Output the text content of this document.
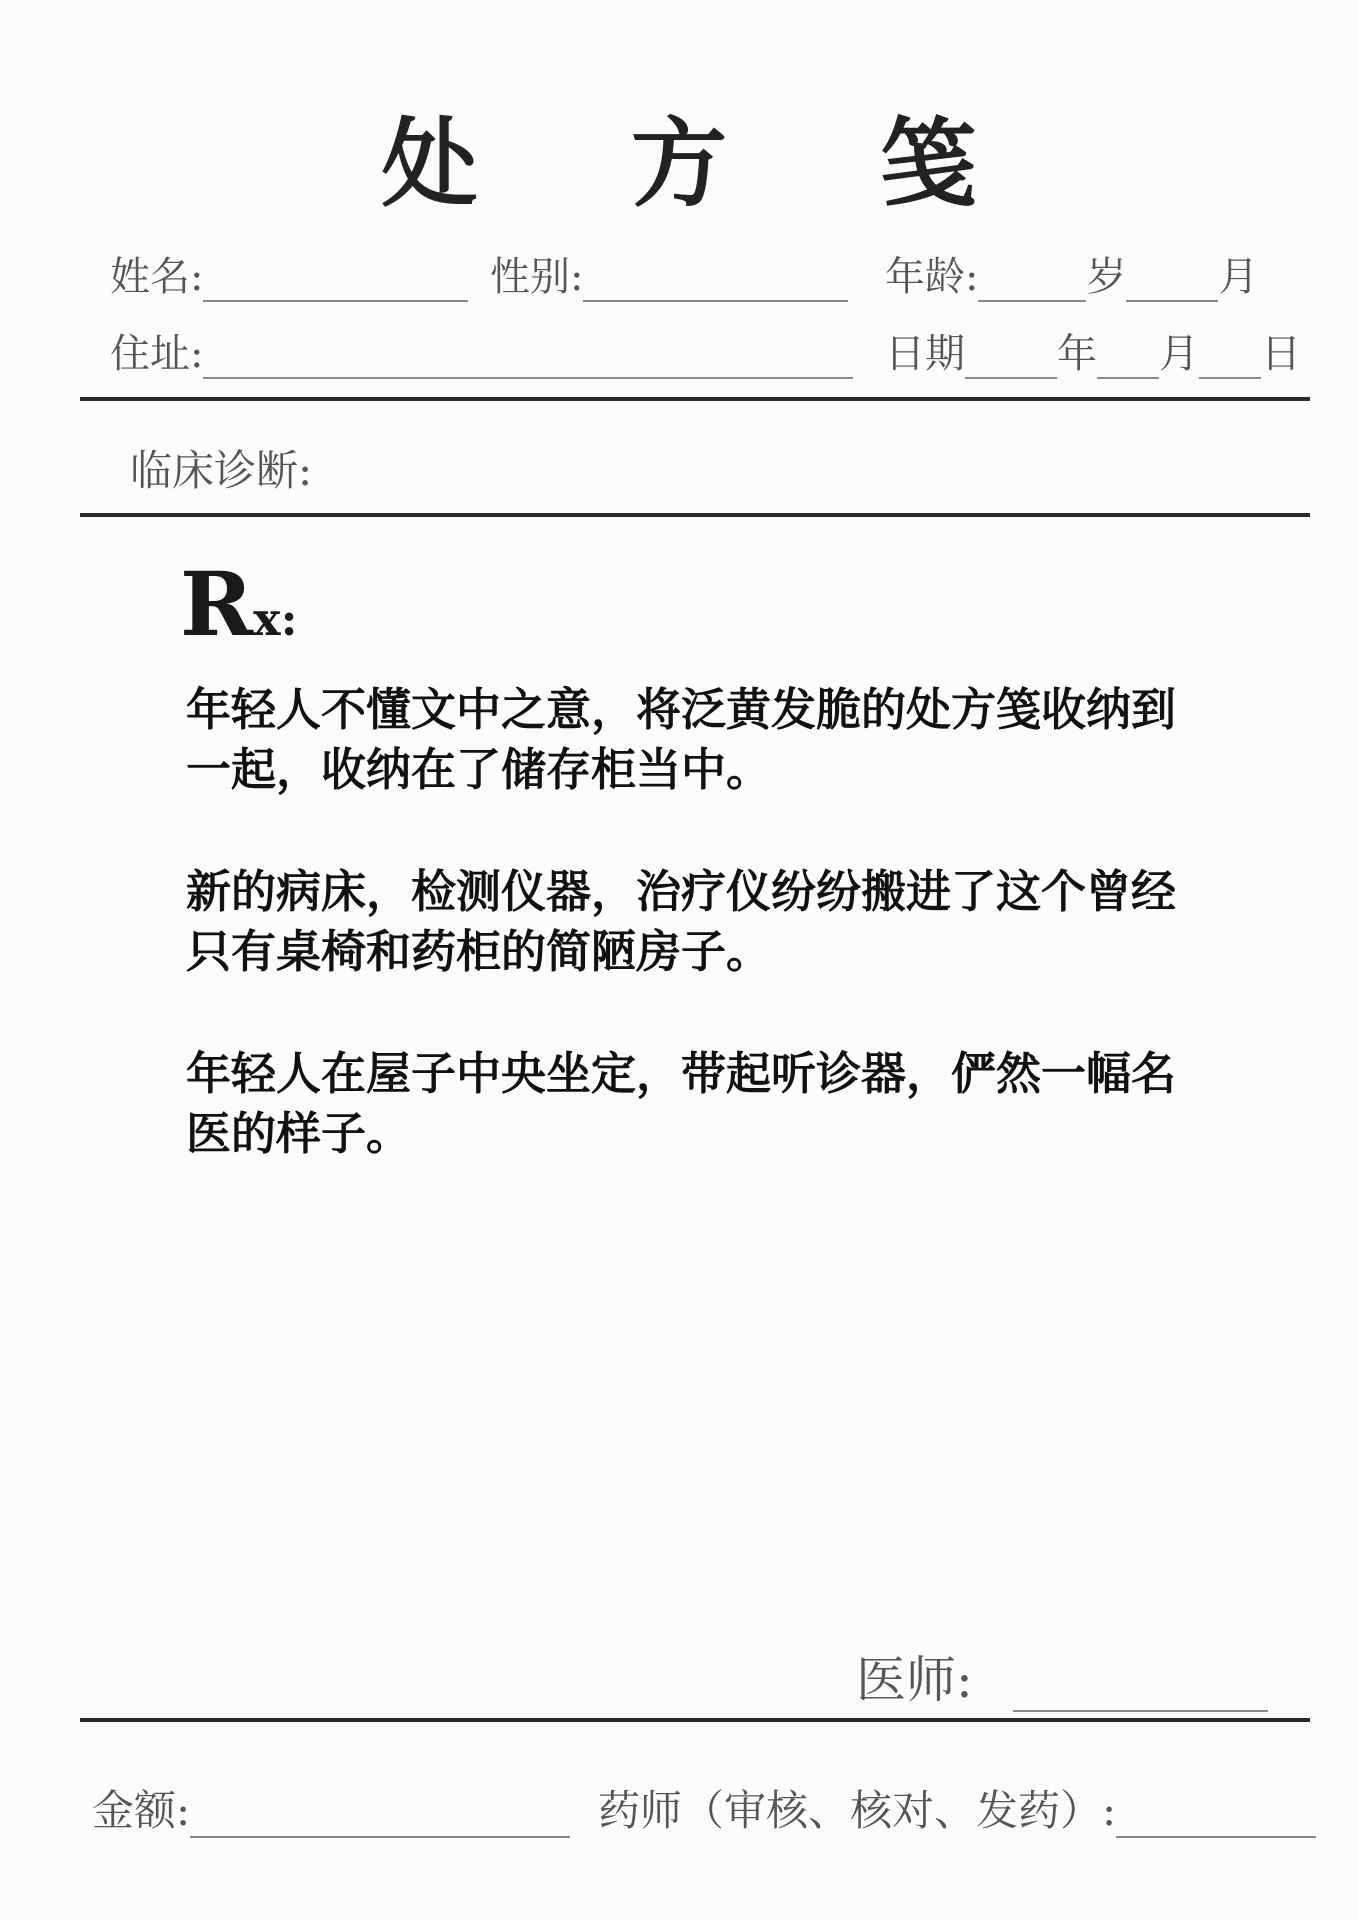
处 方 笺
姓名:	性别:	年龄:	岁 月
住址:	日期 年 月 日
临床诊断:
Rx:

年轻人不懂文中之意，将泛黄发脆的处方笺收纳到一起，收纳在了储存柜当中。

新的病床，检测仪器，治疗仪纷纷搬进了这个曾经只有桌椅和药柜的简陋房子。

年轻人在屋子中央坐定，带起听诊器，俨然一幅名医的样子。

医师:
金额:	药师（审核、核对、发药）:
